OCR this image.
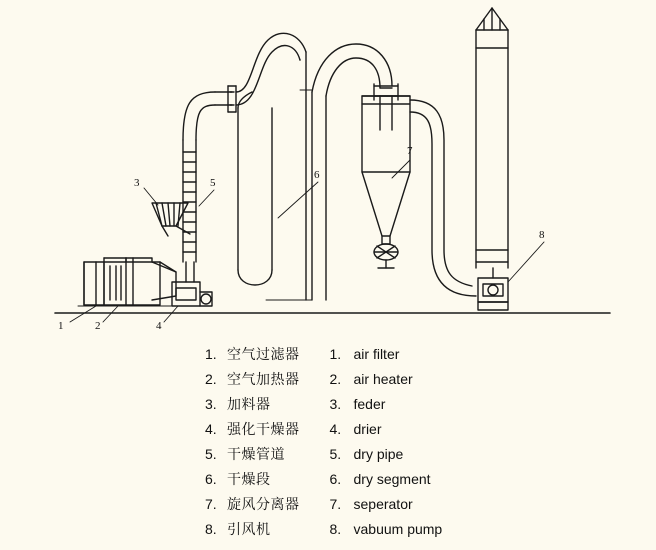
1	2
3
4
5
6
7
8
1. 空气过滤器
2. 空气加热器
3. 加料器
4. 强化干燥器
5. 干燥管道
6. 干燥段
7. 旋风分离器
8. 引风机
1. air filter
2. air heater
3. feder
4. drier
5. dry pipe
6. dry segment
7. seperator
8. vabuum pump
